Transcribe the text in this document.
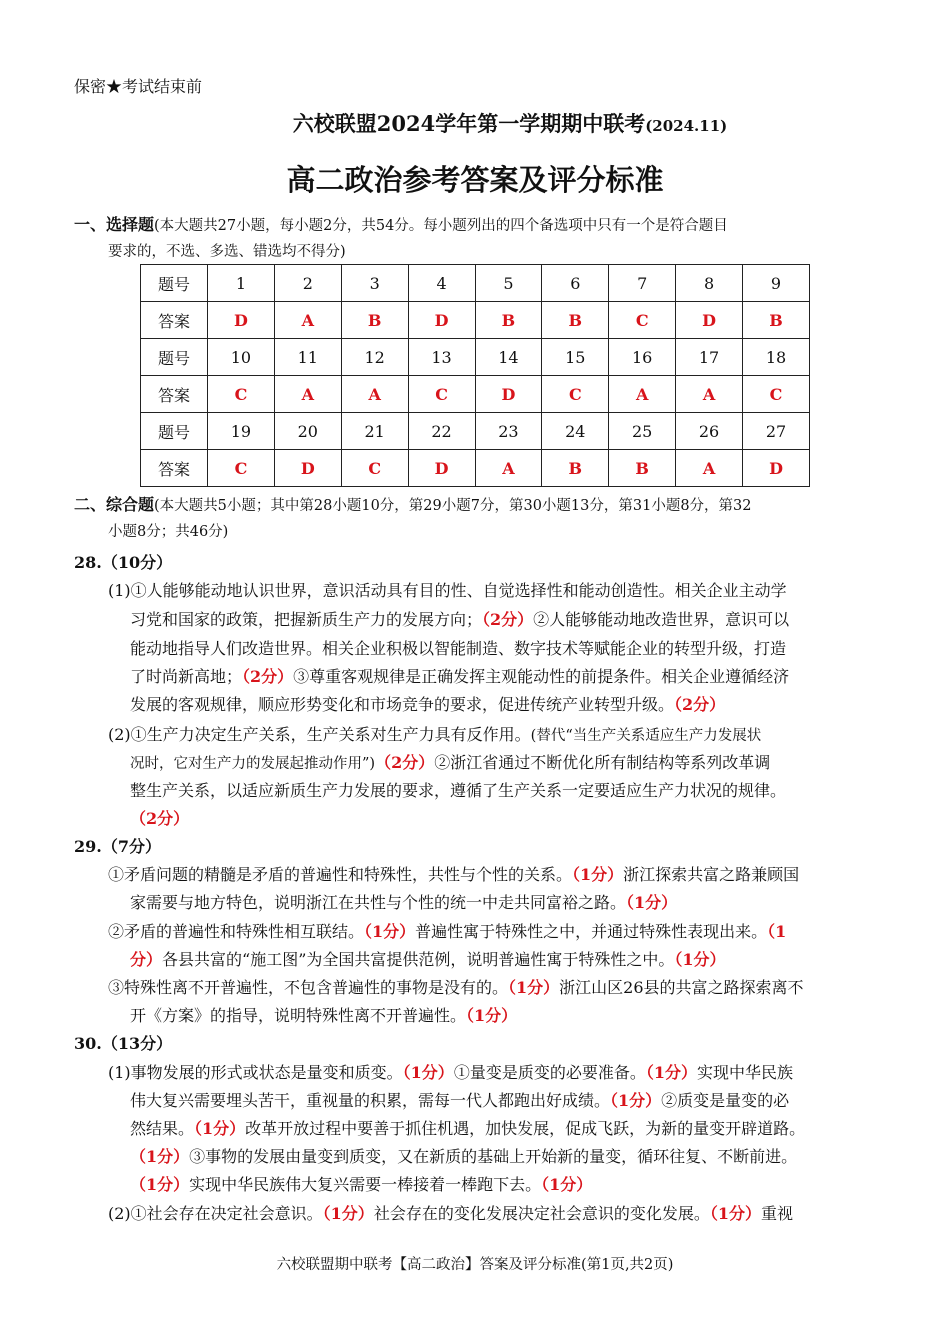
保密★考试结束前
六校联盟2024学年第一学期期中联考(2024.11)
高二政治参考答案及评分标准
一、选择题(本大题共27小题，每小题2分，共54分。每小题列出的四个备选项中只有一个是符合题目
要求的，不选、多选、错选均不得分)
题号	1	2	3	4	5	6	7	8	9
答案	D	A	B	D	B	B	C	D	B
题号	10	11	12	13	14	15	16	17	18
答案	C	A	A	C	D	C	A	A	C
题号	19	20	21	22	23	24	25	26	27
答案	C	D	C	D	A	B	B	A	D
二、综合题(本大题共5小题；其中第28小题10分，第29小题7分，第30小题13分，第31小题8分，第32
小题8分；共46分)
28.（10分）
(1)①人能够能动地认识世界，意识活动具有目的性、自觉选择性和能动创造性。相关企业主动学
习党和国家的政策，把握新质生产力的发展方向；（2分）②人能够能动地改造世界，意识可以
能动地指导人们改造世界。相关企业积极以智能制造、数字技术等赋能企业的转型升级，打造
了时尚新高地；（2分）③尊重客观规律是正确发挥主观能动性的前提条件。相关企业遵循经济
发展的客观规律，顺应形势变化和市场竞争的要求，促进传统产业转型升级。（2分）
(2)①生产力决定生产关系，生产关系对生产力具有反作用。(替代“当生产关系适应生产力发展状
况时，它对生产力的发展起推动作用”)（2分）②浙江省通过不断优化所有制结构等系列改革调
整生产关系，以适应新质生产力发展的要求，遵循了生产关系一定要适应生产力状况的规律。
（2分）
29.（7分）
①矛盾问题的精髓是矛盾的普遍性和特殊性，共性与个性的关系。（1分）浙江探索共富之路兼顾国
家需要与地方特色，说明浙江在共性与个性的统一中走共同富裕之路。（1分）
②矛盾的普遍性和特殊性相互联结。（1分）普遍性寓于特殊性之中，并通过特殊性表现出来。（1
分）各县共富的“施工图”为全国共富提供范例，说明普遍性寓于特殊性之中。（1分）
③特殊性离不开普遍性，不包含普遍性的事物是没有的。（1分）浙江山区26县的共富之路探索离不
开《方案》的指导，说明特殊性离不开普遍性。（1分）
30.（13分）
(1)事物发展的形式或状态是量变和质变。（1分）①量变是质变的必要准备。（1分）实现中华民族
伟大复兴需要埋头苦干，重视量的积累，需每一代人都跑出好成绩。（1分）②质变是量变的必
然结果。（1分）改革开放过程中要善于抓住机遇，加快发展，促成飞跃，为新的量变开辟道路。
（1分）③事物的发展由量变到质变，又在新质的基础上开始新的量变，循环往复、不断前进。
（1分）实现中华民族伟大复兴需要一棒接着一棒跑下去。（1分）
(2)①社会存在决定社会意识。（1分）社会存在的变化发展决定社会意识的变化发展。（1分）重视
六校联盟期中联考【高二政治】答案及评分标准(第1页,共2页)
